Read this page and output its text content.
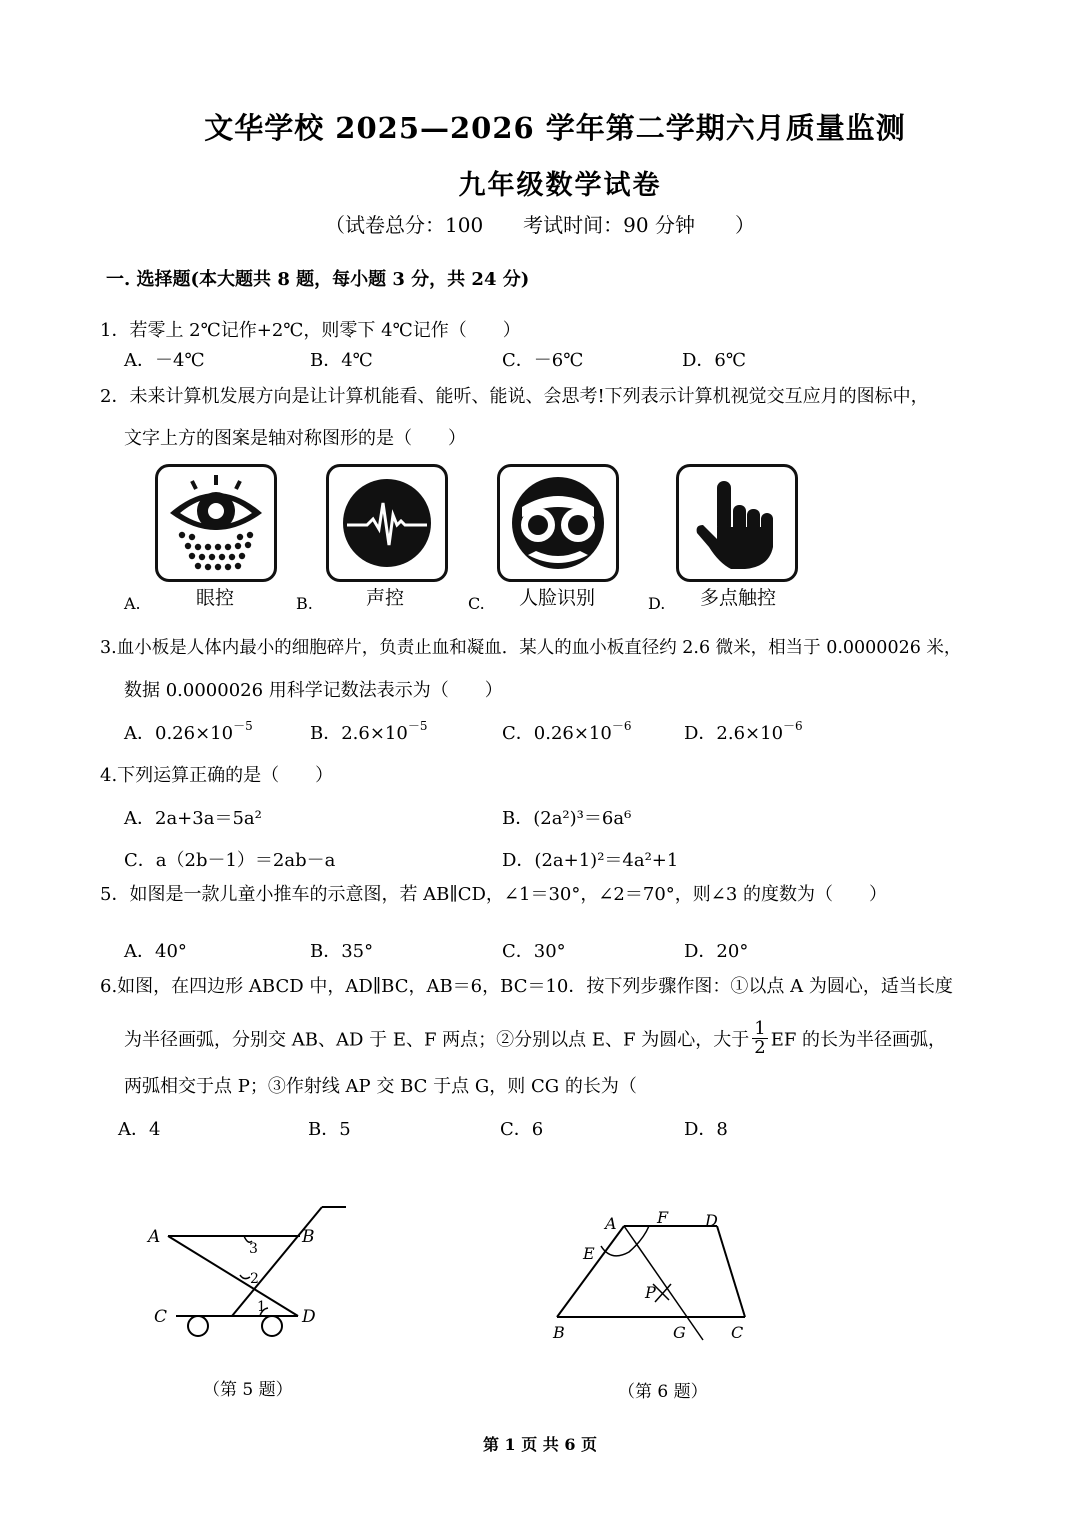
文华学校 2025—2026 学年第二学期六月质量监测
九年级数学试卷
（试卷总分：100　　考试时间：90 分钟　　）
一. 选择题(本大题共 8 题，每小题 3 分，共 24 分)
1．若零上 2℃记作+2℃，则零下 4℃记作（　　）
A．－4℃	B．4℃	C．－6℃	D．6℃
2．未来计算机发展方向是让计算机能看、能听、能说、会思考!下列表示计算机视觉交互应月的图标中，
文字上方的图案是轴对称图形的是（　　）
A.	眼控	B.	声控	C. 人脸识别	D. 多点触控
3.血小板是人体内最小的细胞碎片，负责止血和凝血．某人的血小板直径约 2.6 微米，相当于 0.0000026 米，
数据 0.0000026 用科学记数法表示为（　　）
A．$0.26\times 10^{-5}$	B．$2.6\times 10^{-5}$	C．$0.26\times 10^{-6}$	D．$2.6\times 10^{-6}$
4.下列运算正确的是（　　）
A．2a+3a＝5a²	B．(2a²)³＝6a⁶
C．a（2b－1）＝2ab－a	D．(2a+1)²＝4a²+1
5．如图是一款儿童小推车的示意图，若 AB∥CD，∠1＝30°，∠2＝70°，则∠3 的度数为（　　）
A．40°	B．35°	C．30°	D．20°
6.如图，在四边形 ABCD 中，AD∥BC，AB＝6，BC＝10．按下列步骤作图：①以点 A 为圆心，适当长度
为半径画弧，分别交 AB、AD 于 E、F 两点；②分别以点 E、F 为圆心，大于 $\frac{1}{2}$ EF 的长为半径画弧，
两弧相交于点 P；③作射线 AP 交 BC 于点 G，则 CG 的长为（
A．4	B．5	C．6	D．8
A	B
C	D
1
2
3
（第 5 题）
A	F D
E
P
B	G	C
（第 6 题）
第 1 页 共 6 页
